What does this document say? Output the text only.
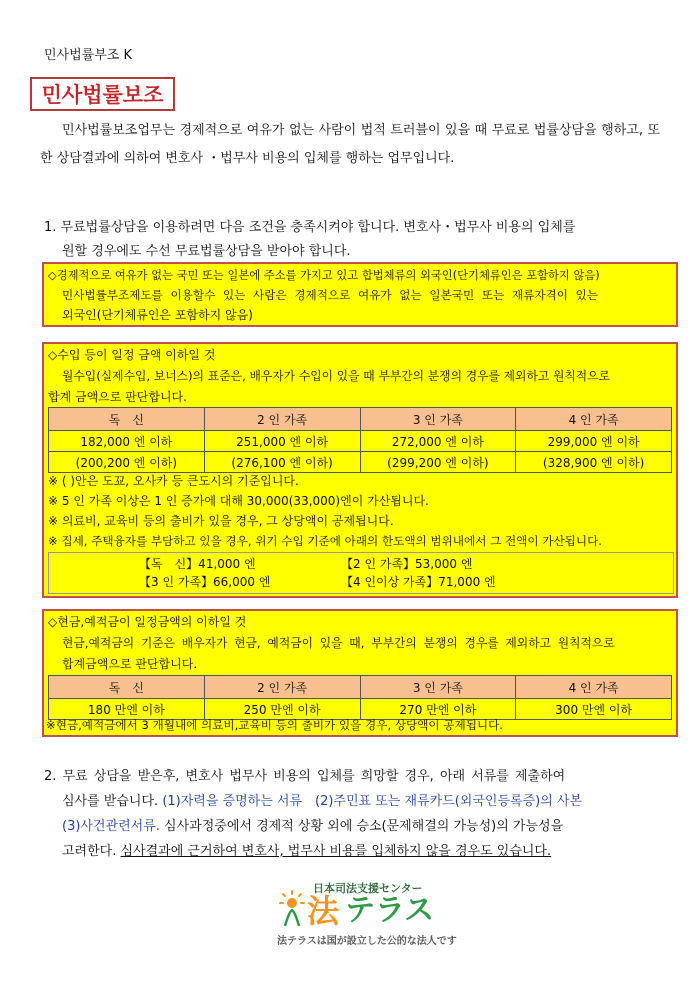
민사법률부조 K
민사법률보조
민사법률보조업무는 경제적으로 여유가 없는 사람이 법적 트러블이 있을 때 무료로 법률상담을 행하고, 또한 상담결과에 의하여 변호사 ・법무사 비용의 입체를 행하는 업무입니다.
1. 무료법률상담을 이용하려면 다음 조건을 충족시켜야 합니다. 변호사・법무사 비용의 입체를
원할 경우에도 수선 무료법률상담을 받아야 합니다.
◇경제적으로 여유가 없는 국민 또는 일본에 주소를 가지고 있고 합법체류의 외국인(단기체류인은 포함하지 않음)
민사법률부조제도를 이용할수 있는 사람은 경제적으로 여유가 없는 일본국민 또는 재류자격이 있는
외국인(단기체류인은 포함하지 않음)
◇수입 등이 일정 금액 이하일 것
월수입(실제수입, 보너스)의 표준은, 배우자가 수입이 있을 때 부부간의 분쟁의 경우를 제외하고 원칙적으로
합계 금액으로 판단합니다.
독　신	2 인 가족	3 인 가족	4 인 가족
182,000 엔 이하	251,000 엔 이하	272,000 엔 이하	299,000 엔 이하
(200,200 엔 이하)	(276,100 엔 이하)	(299,200 엔 이하)	(328,900 엔 이하)
※ ( )안은 도꾜, 오사카 등 큰도시의 기준입니다.
※ 5 인 가족 이상은 1 인 증가에 대해 30,000(33,000)엔이 가산됩니다.
※ 의료비, 교육비 등의 출비가 있을 경우, 그 상당액이 공제됩니다.
※ 집세, 주택융자를 부담하고 있을 경우, 위기 수입 기준에 아래의 한도액의 범위내에서 그 전액이 가산됩니다.
【독　신】41,000 엔	【2 인 가족】53,000 엔
【3 인 가족】66,000 엔	【4 인이상 가족】71,000 엔
◇현금,예적금이 일정금액의 이하일 것
현금,예적금의 기준은 배우자가 현금, 예적금이 있을 때, 부부간의 분쟁의 경우를 제외하고 원칙적으로
합계금액으로 판단합니다.
독　신	2 인 가족	3 인 가족	4 인 가족
180 만엔 이하	250 만엔 이하	270 만엔 이하	300 만엔 이하
※현금,예적금에서 3 개월내에 의료비,교육비 등의 출비가 있을 경우, 상당액이 공제됩니다.
2. 무료 상담을 받은후, 변호사 법무사 비용의 입체를 희망할 경우, 아래 서류를 제출하여
심사를 받습니다. (1)자력을 증명하는 서류　(2)주민표 또는 재류카드(외국인등록증)의 사본
(3)사건관련서류. 심사과정중에서 경제적 상황 외에 승소(문제해결의 가능성)의 가능성을
고려한다. 심사결과에 근거하여 변호사, 법무사 비용를 입체하지 않을 경우도 있습니다.
日本司法支援センター
法 テラス
法テラスは国が設立した公的な法人です
